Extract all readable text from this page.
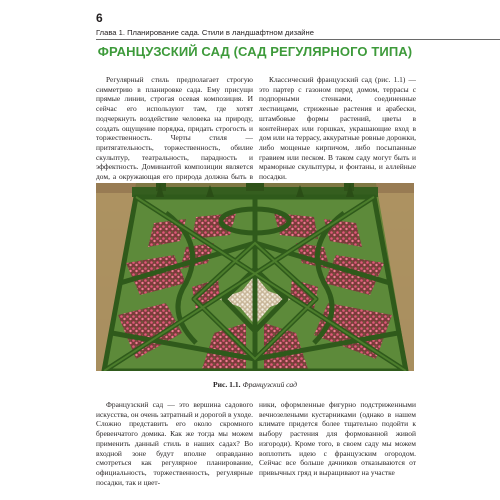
6
Глава 1. Планирование сада. Стили в ландшафтном дизайне
ФРАНЦУЗСКИЙ САД (САД РЕГУЛЯРНОГО ТИПА)

Регулярный стиль предполагает строгую симметрию в планировке сада. Ему присущи прямые линии, строгая осевая композиция. И сейчас его используют там, где хотят подчеркнуть воздействие человека на природу, создать ощущение порядка, придать строгость и торжественность. Черты стиля — притягательность, торжественность, обилие скульптур, театральность, парадность и эффектность. Доминантой композиции является дом, а окружающая его природа должна быть в

Классический французский сад (рис. 1.1) — это партер с газоном перед домом, террасы с подпорными стенками, соединенные лестницами, стриженые растения и арабески, штамбовые формы растений, цветы в контейнерах или горшках, украшающие вход в дом или на террасу, аккуратные ровные дорожки, либо мощеные кирпичом, либо посыпанные гравием или песком. В таком саду могут быть и мраморные скульптуры, и фонтаны, и аллейные посадки.

Рис. 1.1. Французский сад

Французский сад — это вершина садового искусства, он очень затратный и дорогой в уходе. Сложно представить его около скромного бревенчатого домика. Как же тогда мы можем применить данный стиль в наших садах? Во входной зоне будут вполне оправданно смотреться как регулярное планирование, официальность, торжественность, регулярные посадки, так и цвет-

ники, оформленные фигурно подстриженными вечнозелеными кустарниками (однако в нашем климате придется более тщательно подойти к выбору растения для формованной живой изгороди). Кроме того, в своем саду мы можем воплотить идею с французским огородом. Сейчас все больше дачников отказываются от привычных гряд и выращивают на участке
